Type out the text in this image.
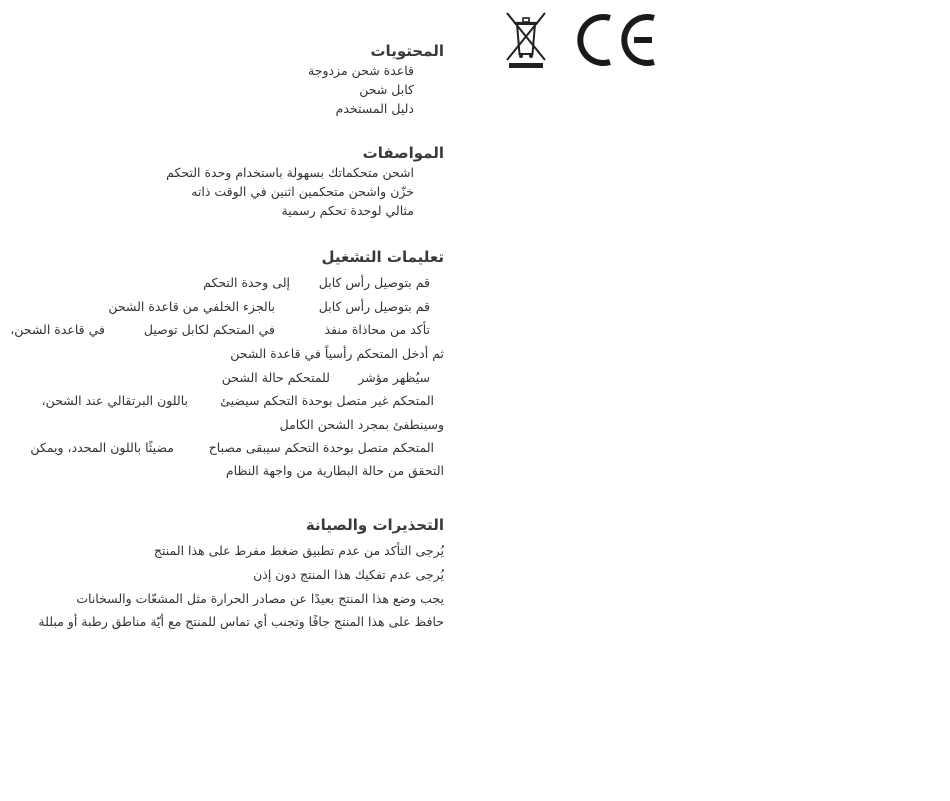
المحتويات
قاعدة شحن مزدوجة
كابل شحن
دليل المستخدم
المواصفات
اشحن متحكماتك بسهولة باستخدام وحدة التحكم
خزّن واشحن متحكمين اثنين في الوقت ذاته
مثالي لوحدة تحكم رسمية
تعليمات التشغيل
قم بتوصيل رأس كابل
إلى وحدة التحكم
قم بتوصيل رأس كابل
بالجزء الخلفي من قاعدة الشحن
تأكد من محاذاة منفذ
في المتحكم لكابل توصيل
في قاعدة الشحن،
ثم أدخل المتحكم رأسياً في قاعدة الشحن
سيُظهر مؤشر
للمتحكم حالة الشحن
المتحكم غير متصل بوحدة التحكم سيضيئ
باللون البرتقالي عند الشحن،
وسينطفئ بمجرد الشحن الكامل
المتحكم متصل بوحدة التحكم سيبقى مصباح
مضيئًا باللون المحدد، ويمكن
التحقق من حالة البطارية من واجهة النظام
التحذيرات والصيانة
يُرجى التأكد من عدم تطبيق ضغط مفرط على هذا المنتج
يُرجى عدم تفكيك هذا المنتج دون إذن
يجب وضع هذا المنتج بعيدًا عن مصادر الحرارة مثل المشعّات والسخانات
حافظ على هذا المنتج جافًا وتجنب أي تماس للمنتج مع أيّة مناطق رطبة أو مبللة
